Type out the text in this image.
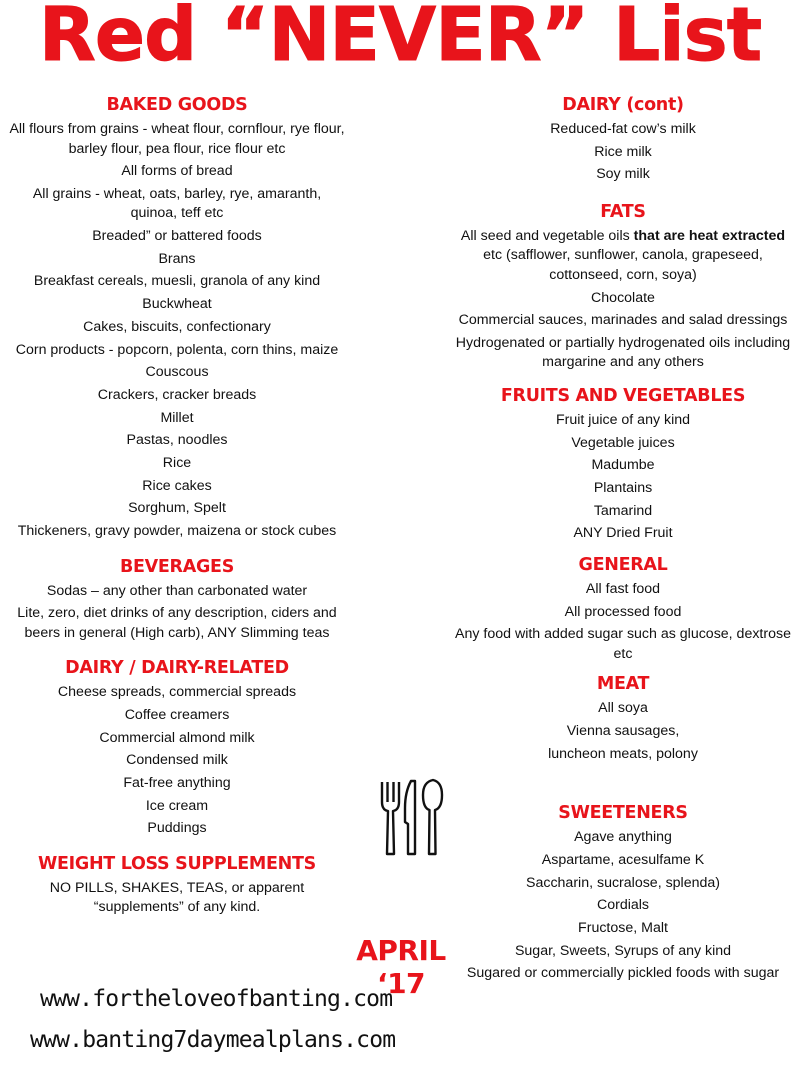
Red “NEVER” List
BAKED GOODS
All flours from grains - wheat flour, cornflour, rye flour, barley flour, pea flour, rice flour etc
All forms of bread
All grains - wheat, oats, barley, rye, amaranth, quinoa, teff etc
Breaded” or battered foods
Brans
Breakfast cereals, muesli, granola of any kind
Buckwheat
Cakes, biscuits, confectionary
Corn products - popcorn, polenta, corn thins, maize
Couscous
Crackers, cracker breads
Millet
Pastas, noodles
Rice
Rice cakes
Sorghum, Spelt
Thickeners, gravy powder, maizena or stock cubes
BEVERAGES
Sodas – any other than carbonated water
Lite, zero, diet drinks of any description, ciders and beers in general (High carb), ANY Slimming teas
DAIRY / DAIRY-RELATED
Cheese spreads, commercial spreads
Coffee creamers
Commercial almond milk
Condensed milk
Fat-free anything
Ice cream
Puddings
WEIGHT LOSS SUPPLEMENTS
NO PILLS, SHAKES, TEAS, or apparent “supplements” of any kind.
DAIRY (cont)
Reduced-fat cow’s milk
Rice milk
Soy milk
FATS
All seed and vegetable oils that are heat extracted etc (safflower, sunflower, canola, grapeseed, cottonseed, corn, soya)
Chocolate
Commercial sauces, marinades and salad dressings
Hydrogenated or partially hydrogenated oils including margarine and any others
FRUITS AND VEGETABLES
Fruit juice of any kind
Vegetable juices
Madumbe
Plantains
Tamarind
ANY Dried Fruit
GENERAL
All fast food
All processed food
Any food with added sugar such as glucose, dextrose etc
MEAT
All soya
Vienna sausages,
luncheon meats, polony
SWEETENERS
Agave anything
Aspartame, acesulfame K
Saccharin, sucralose, splenda)
Cordials
Fructose, Malt
Sugar, Sweets, Syrups of any kind
Sugared or commercially pickled foods with sugar
APRIL ‘17
www.fortheloveofbanting.com
www.banting7daymealplans.com
